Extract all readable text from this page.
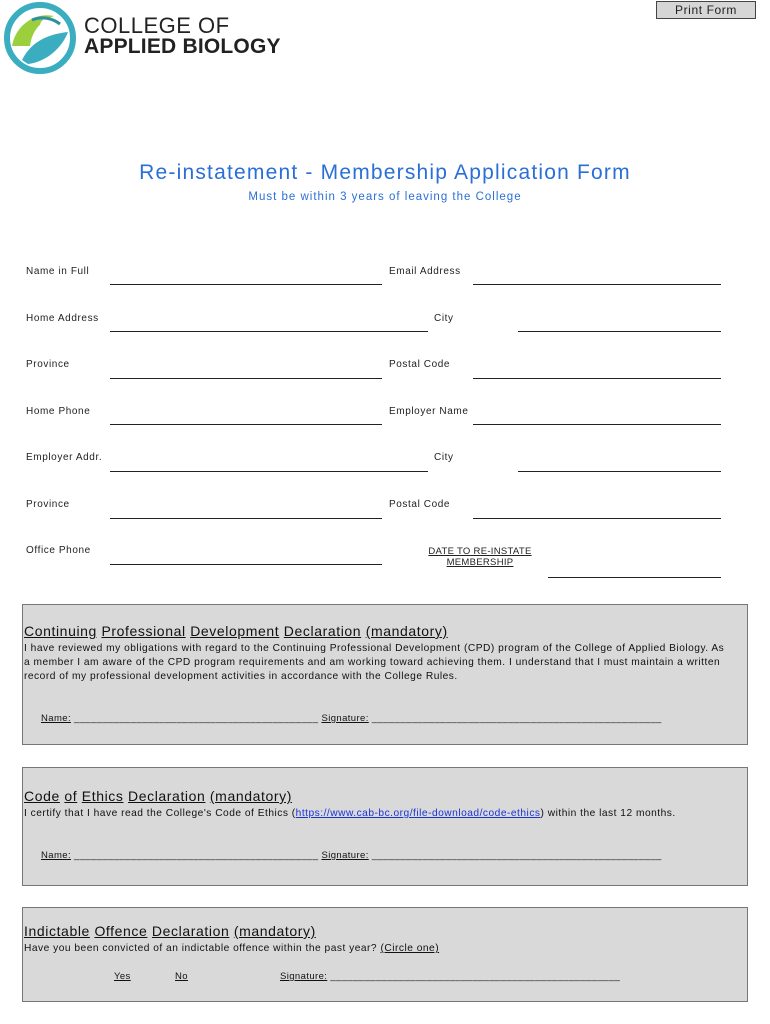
Print Form
COLLEGE OF
APPLIED BIOLOGY
Re-instatement - Membership Application Form
Must be within 3 years of leaving the College
Name in Full	Email Address
Home Address	City
Province	Postal Code
Home Phone	Employer Name
Employer Addr.	City
Province	Postal Code
Office Phone	DATE TO RE-INSTATE
MEMBERSHIP
Continuing Professional Development Declaration (mandatory)
I have reviewed my obligations with regard to the Continuing Professional Development (CPD) program of the College of Applied Biology. As a member I am aware of the CPD program requirements and am working toward achieving them. I understand that I must maintain a written record of my professional development activities in accordance with the College Rules.
Name: ___________________________________________ Signature: ___________________________________________________
Code of Ethics Declaration (mandatory)
I certify that I have read the College's Code of Ethics (https://www.cab-bc.org/file-download/code-ethics) within the last 12 months.
Name: ___________________________________________ Signature: ___________________________________________________
Indictable Offence Declaration (mandatory)
Have you been convicted of an indictable offence within the past year? (Circle one)
Yes	No	Signature: ___________________________________________________
